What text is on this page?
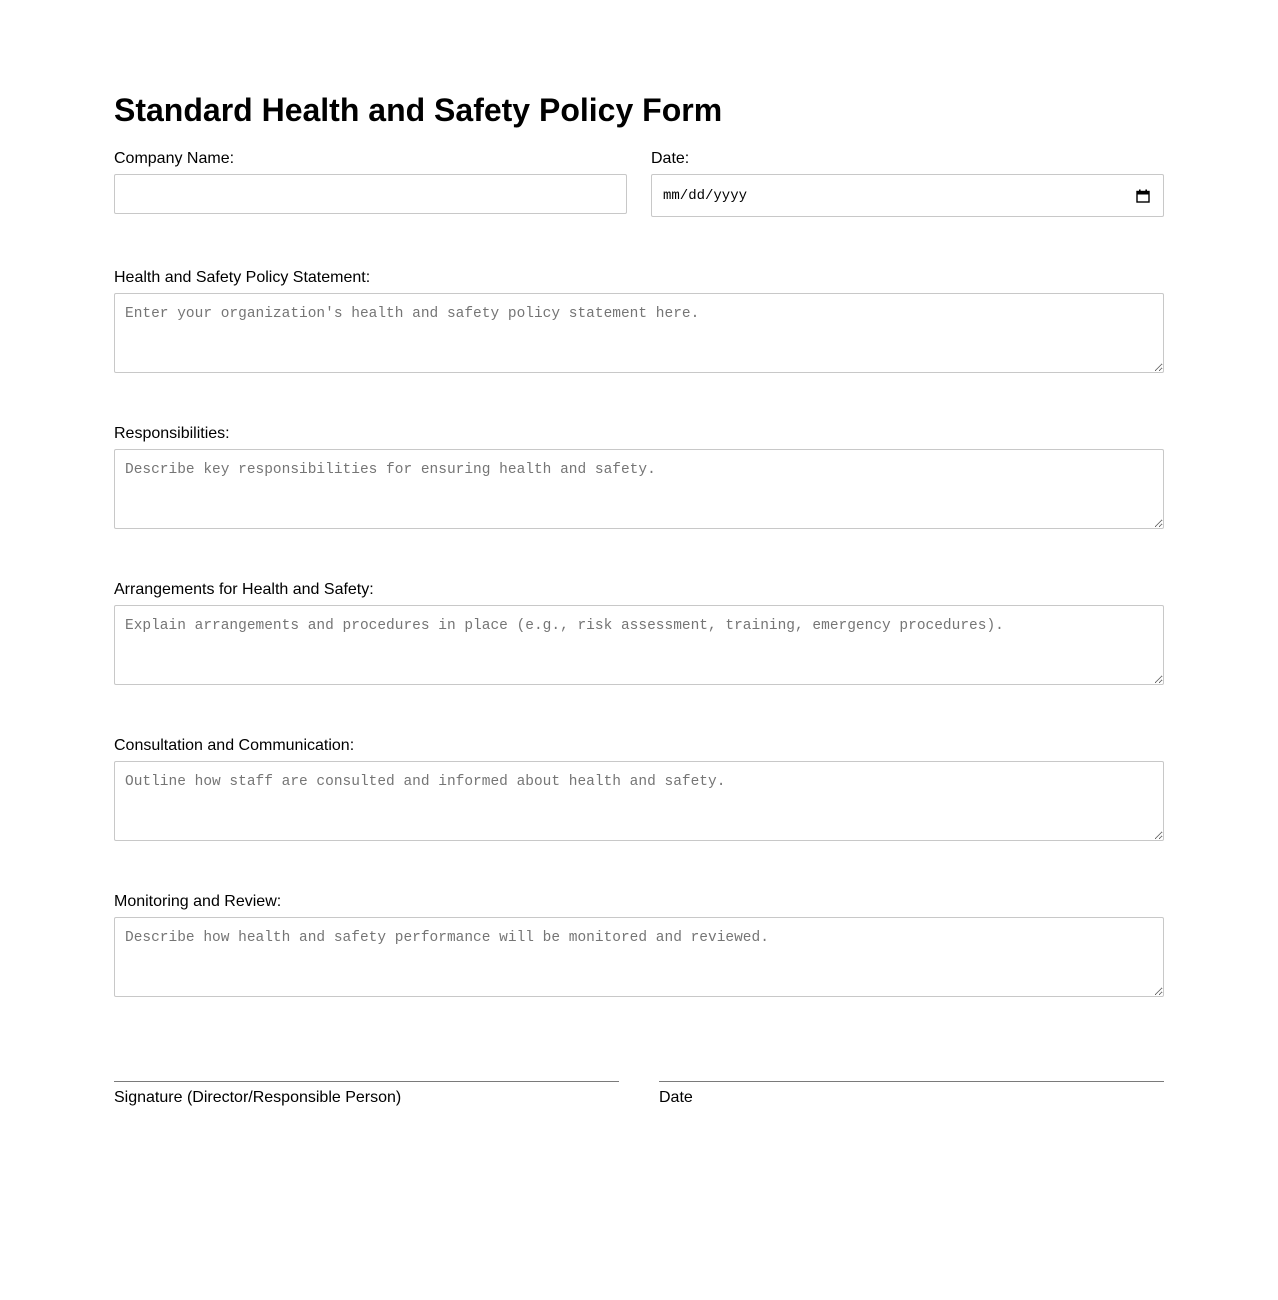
Standard Health and Safety Policy Form
Company Name:	Date:
mm/dd/yyyy
Health and Safety Policy Statement:
Enter your organization's health and safety policy statement here.
Responsibilities:
Describe key responsibilities for ensuring health and safety.
Arrangements for Health and Safety:
Explain arrangements and procedures in place (e.g., risk assessment, training, emergency procedures).
Consultation and Communication:
Outline how staff are consulted and informed about health and safety.
Monitoring and Review:
Describe how health and safety performance will be monitored and reviewed.
Signature (Director/Responsible Person)	Date
